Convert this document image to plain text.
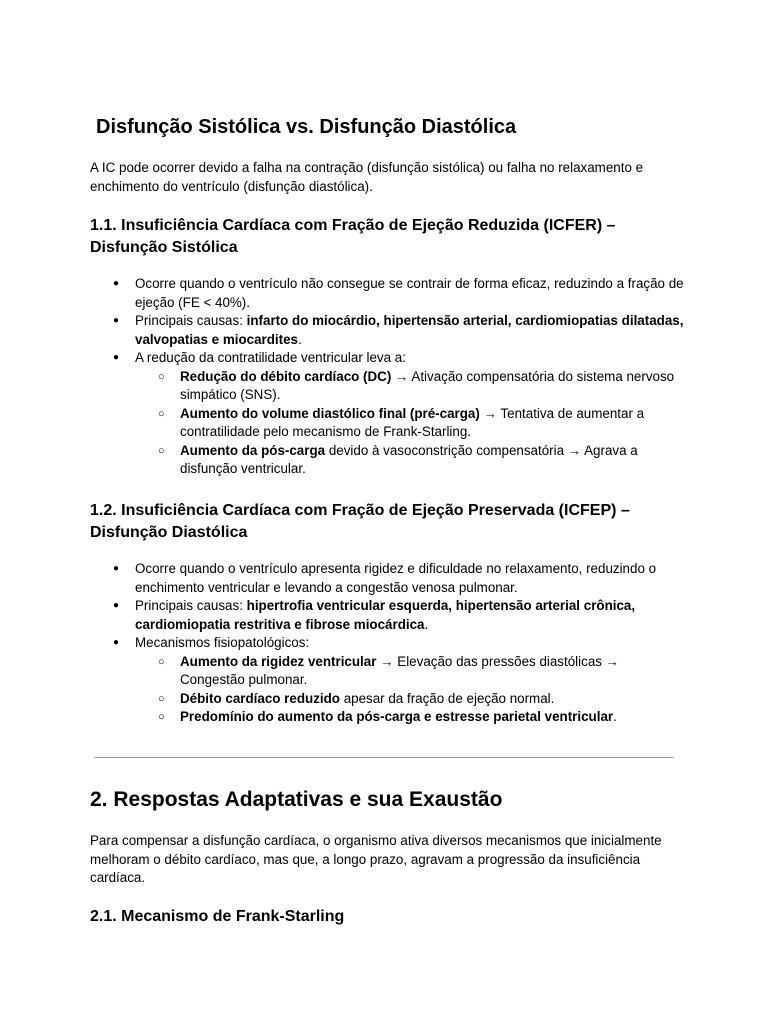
Disfunção Sistólica vs. Disfunção Diastólica

A IC pode ocorrer devido a falha na contração (disfunção sistólica) ou falha no relaxamento e enchimento do ventrículo (disfunção diastólica).

1.1. Insuficiência Cardíaca com Fração de Ejeção Reduzida (ICFER) – Disfunção Sistólica
● Ocorre quando o ventrículo não consegue se contrair de forma eficaz, reduzindo a fração de ejeção (FE < 40%).
● Principais causas: infarto do miocárdio, hipertensão arterial, cardiomiopatias dilatadas, valvopatias e miocardites.
● A redução da contratilidade ventricular leva a:
○ Redução do débito cardíaco (DC) → Ativação compensatória do sistema nervoso simpático (SNS).
○ Aumento do volume diastólico final (pré-carga) → Tentativa de aumentar a contratilidade pelo mecanismo de Frank-Starling.
○ Aumento da pós-carga devido à vasoconstrição compensatória → Agrava a disfunção ventricular.
1.2. Insuficiência Cardíaca com Fração de Ejeção Preservada (ICFEP) – Disfunção Diastólica
● Ocorre quando o ventrículo apresenta rigidez e dificuldade no relaxamento, reduzindo o enchimento ventricular e levando a congestão venosa pulmonar.
● Principais causas: hipertrofia ventricular esquerda, hipertensão arterial crônica, cardiomiopatia restritiva e fibrose miocárdica.
● Mecanismos fisiopatológicos:
○ Aumento da rigidez ventricular → Elevação das pressões diastólicas → Congestão pulmonar.
○ Débito cardíaco reduzido apesar da fração de ejeção normal.
○ Predomínio do aumento da pós-carga e estresse parietal ventricular.
2. Respostas Adaptativas e sua Exaustão

Para compensar a disfunção cardíaca, o organismo ativa diversos mecanismos que inicialmente melhoram o débito cardíaco, mas que, a longo prazo, agravam a progressão da insuficiência cardíaca.

2.1. Mecanismo de Frank-Starling
